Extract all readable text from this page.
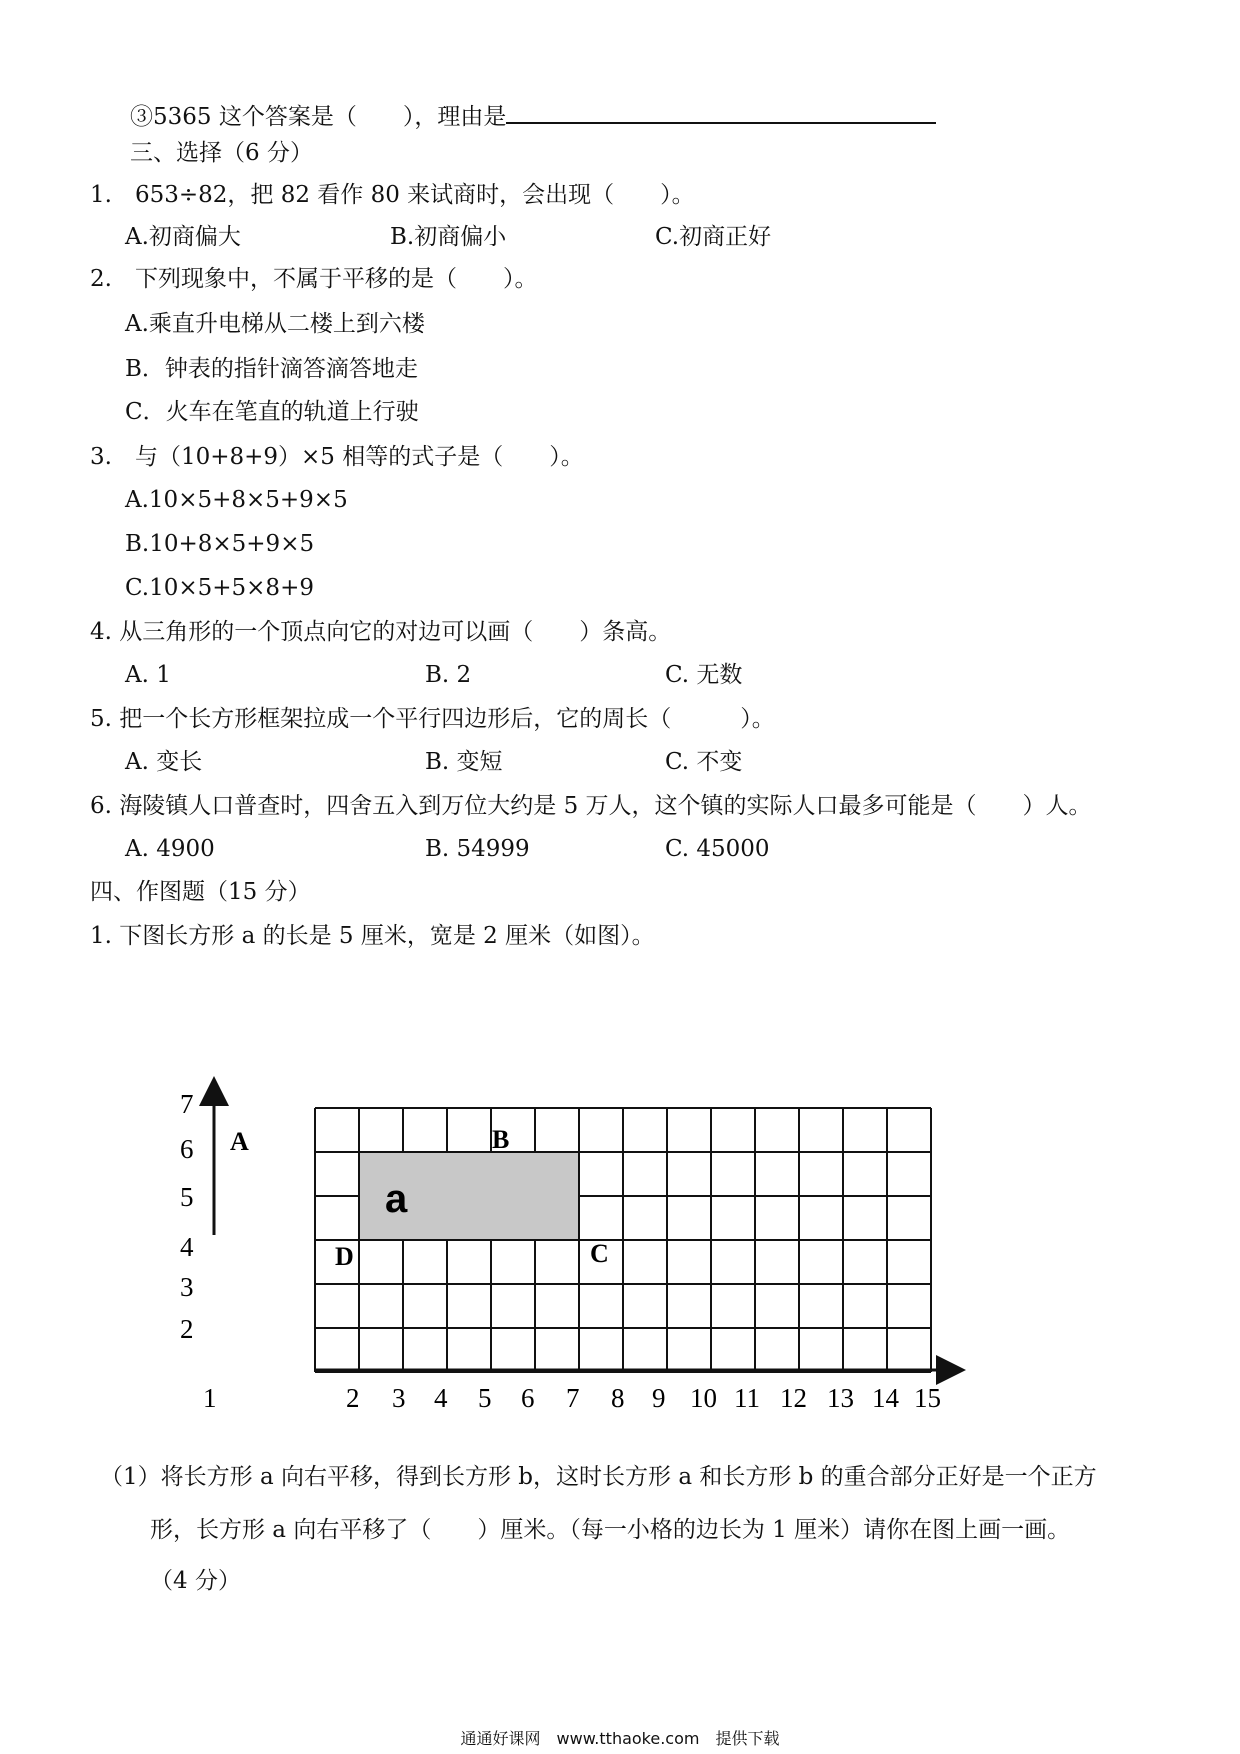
③5365 这个答案是（　　），理由是
三、选择（6 分）
1.　653÷82，把 82 看作 80 来试商时，会出现（　　）。
A.初商偏大	B.初商偏小	C.初商正好
2.　下列现象中，不属于平移的是（　　）。
A.乘直升电梯从二楼上到六楼
B．钟表的指针滴答滴答地走
C．火车在笔直的轨道上行驶
3.　与（10+8+9）×5 相等的式子是（　　）。
A.10×5+8×5+9×5
B.10+8×5+9×5
C.10×5+5×8+9
4. 从三角形的一个顶点向它的对边可以画（　　）条高。
A. 1	B. 2	C. 无数
5. 把一个长方形框架拉成一个平行四边形后，它的周长（　　　）。
A. 变长	B. 变短	C. 不变
6. 海陵镇人口普查时，四舍五入到万位大约是 5 万人，这个镇的实际人口最多可能是（　　）人。
A. 4900	B. 54999	C. 45000
四、作图题（15 分）
1. 下图长方形 a 的长是 5 厘米，宽是 2 厘米（如图）。
7
6
5
4
3
2
1	2 3 4 5 6 7 8 9 10 11 12 13 14 15
A	B
C
D
a
（1）将长方形 a 向右平移，得到长方形 b，这时长方形 a 和长方形 b 的重合部分正好是一个正方
形，长方形 a 向右平移了（　　）厘米。（每一小格的边长为 1 厘米）请你在图上画一画。
（4 分）
通通好课网　www.tthaoke.com　提供下载
